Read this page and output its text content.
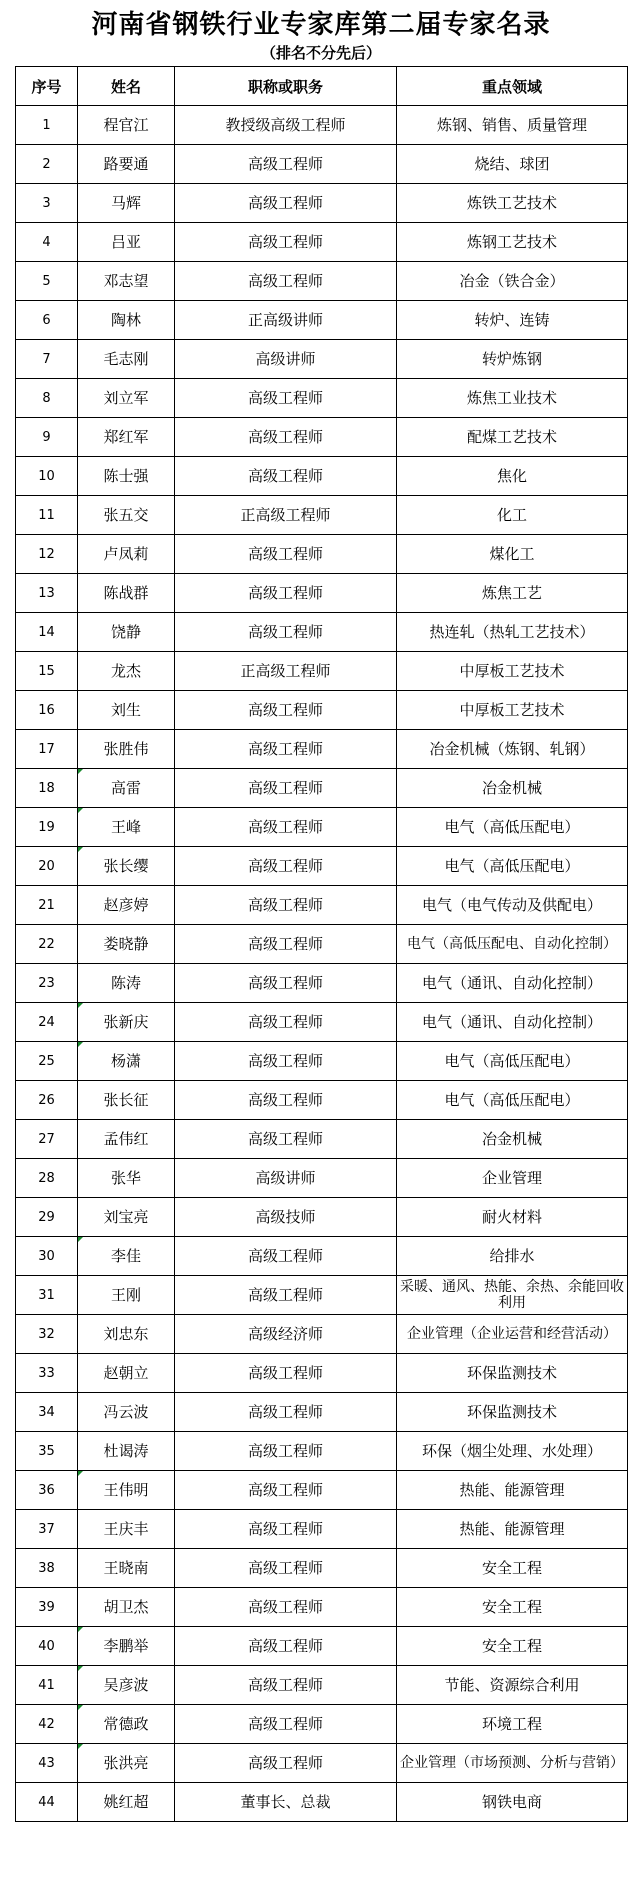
河南省钢铁行业专家库第二届专家名录
（排名不分先后）
序号	姓名	职称或职务	重点领域
1	程官江	教授级高级工程师	炼钢、销售、质量管理
2	路要通	高级工程师	烧结、球团
3	马辉	高级工程师	炼铁工艺技术
4	吕亚	高级工程师	炼钢工艺技术
5	邓志望	高级工程师	冶金（铁合金）
6	陶林	正高级讲师	转炉、连铸
7	毛志刚	高级讲师	转炉炼钢
8	刘立军	高级工程师	炼焦工业技术
9	郑红军	高级工程师	配煤工艺技术
10	陈士强	高级工程师	焦化
11	张五交	正高级工程师	化工
12	卢凤莉	高级工程师	煤化工
13	陈战群	高级工程师	炼焦工艺
14	饶静	高级工程师	热连轧（热轧工艺技术）
15	龙杰	正高级工程师	中厚板工艺技术
16	刘生	高级工程师	中厚板工艺技术
17	张胜伟	高级工程师	冶金机械（炼钢、轧钢）
18	高雷	高级工程师	冶金机械
19	王峰	高级工程师	电气（高低压配电）
20	张长缨	高级工程师	电气（高低压配电）
21	赵彦婷	高级工程师	电气（电气传动及供配电）
22	娄晓静	高级工程师	电气（高低压配电、自动化控制）
23	陈涛	高级工程师	电气（通讯、自动化控制）
24	张新庆	高级工程师	电气（通讯、自动化控制）
25	杨潇	高级工程师	电气（高低压配电）
26	张长征	高级工程师	电气（高低压配电）
27	孟伟红	高级工程师	冶金机械
28	张华	高级讲师	企业管理
29	刘宝亮	高级技师	耐火材料
30	李佳	高级工程师	给排水
31	王刚	高级工程师	采暖、通风、热能、余热、余能回收利用
32	刘忠东	高级经济师	企业管理（企业运营和经营活动）
33	赵朝立	高级工程师	环保监测技术
34	冯云波	高级工程师	环保监测技术
35	杜谒涛	高级工程师	环保（烟尘处理、水处理）
36	王伟明	高级工程师	热能、能源管理
37	王庆丰	高级工程师	热能、能源管理
38	王晓南	高级工程师	安全工程
39	胡卫杰	高级工程师	安全工程
40	李鹏举	高级工程师	安全工程
41	吴彦波	高级工程师	节能、资源综合利用
42	常德政	高级工程师	环境工程
43	张洪亮	高级工程师	企业管理（市场预测、分析与营销）
44	姚红超	董事长、总裁	钢铁电商
